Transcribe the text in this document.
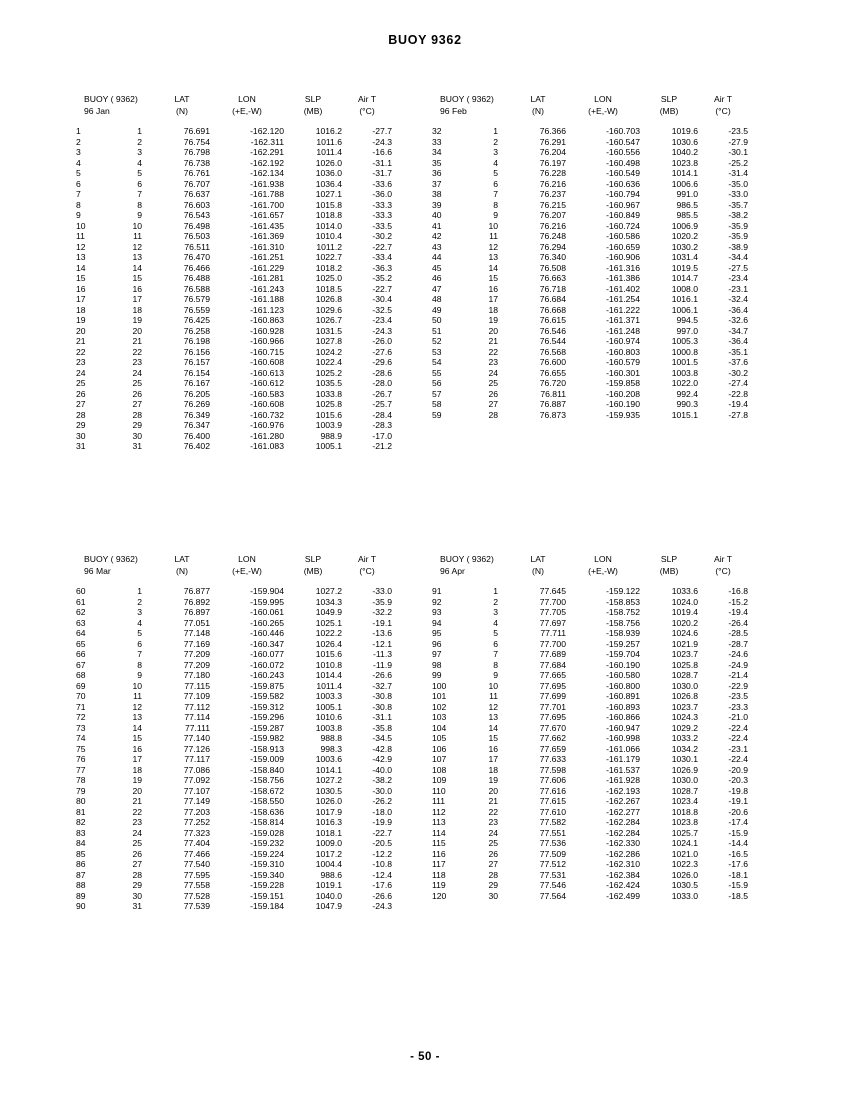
BUOY 9362
BUOY ( 9362)		LAT	LON	SLP	Air T
96 Jan		(N)	(+E,-W)	(MB)	(°C)
1	1	76.691	-162.120	1016.2	-27.7
2	2	76.754	-162.311	1011.6	-24.3
3	3	76.798	-162.291	1011.4	-16.6
4	4	76.738	-162.192	1026.0	-31.1
5	5	76.761	-162.134	1036.0	-31.7
6	6	76.707	-161.938	1036.4	-33.6
7	7	76.637	-161.788	1027.1	-36.0
8	8	76.603	-161.700	1015.8	-33.3
9	9	76.543	-161.657	1018.8	-33.3
10	10	76.498	-161.435	1014.0	-33.5
11	11	76.503	-161.369	1010.4	-30.2
12	12	76.511	-161.310	1011.2	-22.7
13	13	76.470	-161.251	1022.7	-33.4
14	14	76.466	-161.229	1018.2	-36.3
15	15	76.488	-161.281	1025.0	-35.2
16	16	76.588	-161.243	1018.5	-22.7
17	17	76.579	-161.188	1026.8	-30.4
18	18	76.559	-161.123	1029.6	-32.5
19	19	76.425	-160.863	1026.7	-23.4
20	20	76.258	-160.928	1031.5	-24.3
21	21	76.198	-160.966	1027.8	-26.0
22	22	76.156	-160.715	1024.2	-27.6
23	23	76.157	-160.608	1022.4	-29.6
24	24	76.154	-160.613	1025.2	-28.6
25	25	76.167	-160.612	1035.5	-28.0
26	26	76.205	-160.583	1033.8	-26.7
27	27	76.269	-160.608	1025.8	-25.7
28	28	76.349	-160.732	1015.6	-28.4
29	29	76.347	-160.976	1003.9	-28.3
30	30	76.400	-161.280	988.9	-17.0
31	31	76.402	-161.083	1005.1	-21.2
BUOY ( 9362)		LAT	LON	SLP	Air T
96 Feb		(N)	(+E,-W)	(MB)	(°C)
32	1	76.366	-160.703	1019.6	-23.5
33	2	76.291	-160.547	1030.6	-27.9
34	3	76.204	-160.556	1040.2	-30.1
35	4	76.197	-160.498	1023.8	-25.2
36	5	76.228	-160.549	1014.1	-31.4
37	6	76.216	-160.636	1006.6	-35.0
38	7	76.237	-160.794	991.0	-33.0
39	8	76.215	-160.967	986.5	-35.7
40	9	76.207	-160.849	985.5	-38.2
41	10	76.216	-160.724	1006.9	-35.9
42	11	76.248	-160.586	1020.2	-35.9
43	12	76.294	-160.659	1030.2	-38.9
44	13	76.340	-160.906	1031.4	-34.4
45	14	76.508	-161.316	1019.5	-27.5
46	15	76.663	-161.386	1014.7	-23.4
47	16	76.718	-161.402	1008.0	-23.1
48	17	76.684	-161.254	1016.1	-32.4
49	18	76.668	-161.222	1006.1	-36.4
50	19	76.615	-161.371	994.5	-32.6
51	20	76.546	-161.248	997.0	-34.7
52	21	76.544	-160.974	1005.3	-36.4
53	22	76.568	-160.803	1000.8	-35.1
54	23	76.600	-160.579	1001.5	-37.6
55	24	76.655	-160.301	1003.8	-30.2
56	25	76.720	-159.858	1022.0	-27.4
57	26	76.811	-160.208	992.4	-22.8
58	27	76.887	-160.190	990.3	-19.4
59	28	76.873	-159.935	1015.1	-27.8
BUOY ( 9362)		LAT	LON	SLP	Air T
96 Mar		(N)	(+E,-W)	(MB)	(°C)
60	1	76.877	-159.904	1027.2	-33.0
61	2	76.892	-159.995	1034.3	-35.9
62	3	76.897	-160.061	1049.9	-32.2
63	4	77.051	-160.265	1025.1	-19.1
64	5	77.148	-160.446	1022.2	-13.6
65	6	77.169	-160.347	1026.4	-12.1
66	7	77.209	-160.077	1015.6	-11.3
67	8	77.209	-160.072	1010.8	-11.9
68	9	77.180	-160.243	1014.4	-26.6
69	10	77.115	-159.875	1011.4	-32.7
70	11	77.109	-159.582	1003.3	-30.8
71	12	77.112	-159.312	1005.1	-30.8
72	13	77.114	-159.296	1010.6	-31.1
73	14	77.111	-159.287	1003.8	-35.8
74	15	77.140	-159.982	988.8	-34.5
75	16	77.126	-158.913	998.3	-42.8
76	17	77.117	-159.009	1003.6	-42.9
77	18	77.086	-158.840	1014.1	-40.0
78	19	77.092	-158.756	1027.2	-38.2
79	20	77.107	-158.672	1030.5	-30.0
80	21	77.149	-158.550	1026.0	-26.2
81	22	77.203	-158.636	1017.9	-18.0
82	23	77.252	-158.814	1016.3	-19.9
83	24	77.323	-159.028	1018.1	-22.7
84	25	77.404	-159.232	1009.0	-20.5
85	26	77.466	-159.224	1017.2	-12.2
86	27	77.540	-159.310	1004.4	-10.8
87	28	77.595	-159.340	988.6	-12.4
88	29	77.558	-159.228	1019.1	-17.6
89	30	77.528	-159.151	1040.0	-26.6
90	31	77.539	-159.184	1047.9	-24.3
BUOY ( 9362)		LAT	LON	SLP	Air T
96 Apr		(N)	(+E,-W)	(MB)	(°C)
91	1	77.645	-159.122	1033.6	-16.8
92	2	77.700	-158.853	1024.0	-15.2
93	3	77.705	-158.752	1019.4	-19.4
94	4	77.697	-158.756	1020.2	-26.4
95	5	77.711	-158.939	1024.6	-28.5
96	6	77.700	-159.257	1021.9	-28.7
97	7	77.689	-159.704	1023.7	-24.6
98	8	77.684	-160.190	1025.8	-24.9
99	9	77.665	-160.580	1028.7	-21.4
100	10	77.695	-160.800	1030.0	-22.9
101	11	77.699	-160.891	1026.8	-23.5
102	12	77.701	-160.893	1023.7	-23.3
103	13	77.695	-160.866	1024.3	-21.0
104	14	77.670	-160.947	1029.2	-22.4
105	15	77.662	-160.998	1033.2	-22.4
106	16	77.659	-161.066	1034.2	-23.1
107	17	77.633	-161.179	1030.1	-22.4
108	18	77.598	-161.537	1026.9	-20.9
109	19	77.606	-161.928	1030.0	-20.3
110	20	77.616	-162.193	1028.7	-19.8
111	21	77.615	-162.267	1023.4	-19.1
112	22	77.610	-162.277	1018.8	-20.6
113	23	77.582	-162.284	1023.8	-17.4
114	24	77.551	-162.284	1025.7	-15.9
115	25	77.536	-162.330	1024.1	-14.4
116	26	77.509	-162.286	1021.0	-16.5
117	27	77.512	-162.310	1022.3	-17.6
118	28	77.531	-162.384	1026.0	-18.1
119	29	77.546	-162.424	1030.5	-15.9
120	30	77.564	-162.499	1033.0	-18.5
- 50 -
